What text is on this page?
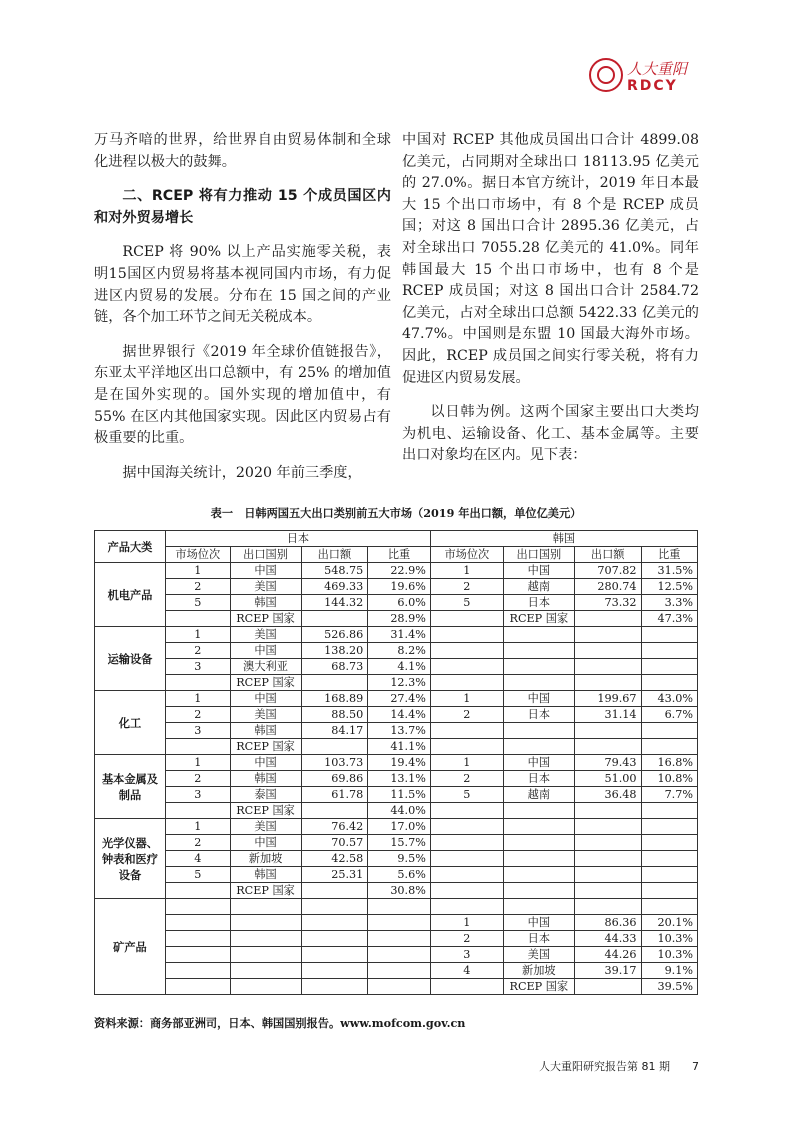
人大重阳
RDCY

万马齐喑的世界，给世界自由贸易体制和全球化进程以极大的鼓舞。

二、RCEP 将有力推动 15 个成员国区内和对外贸易增长

RCEP 将 90% 以上产品实施零关税，表明15国区内贸易将基本视同国内市场，有力促进区内贸易的发展。分布在 15 国之间的产业链，各个加工环节之间无关税成本。

据世界银行《2019 年全球价值链报告》，东亚太平洋地区出口总额中，有 25% 的增加值是在国外实现的。国外实现的增加值中，有 55% 在区内其他国家实现。因此区内贸易占有极重要的比重。

据中国海关统计，2020 年前三季度，

中国对 RCEP 其他成员国出口合计 4899.08 亿美元，占同期对全球出口 18113.95 亿美元的 27.0%。据日本官方统计，2019 年日本最大 15 个出口市场中，有 8 个是 RCEP 成员国；对这 8 国出口合计 2895.36 亿美元，占对全球出口 7055.28 亿美元的 41.0%。同年韩国最大 15 个出口市场中，也有 8 个是 RCEP 成员国；对这 8 国出口合计 2584.72 亿美元，占对全球出口总额 5422.33 亿美元的 47.7%。中国则是东盟 10 国最大海外市场。因此，RCEP 成员国之间实行零关税，将有力促进区内贸易发展。

以日韩为例。这两个国家主要出口大类均为机电、运输设备、化工、基本金属等。主要出口对象均在区内。见下表：

表一　日韩两国五大出口类别前五大市场（2019 年出口额，单位亿美元）
产品大类	日本				韩国			
	市场位次	出口国别	出口额	比重	市场位次	出口国别	出口额	比重
机电产品	1	中国	548.75	22.9%	1	中国	707.82	31.5%
	2	美国	469.33	19.6%	2	越南	280.74	12.5%
	5	韩国	144.32	6.0%	5	日本	73.32	3.3%
		RCEP 国家		28.9%		RCEP 国家		47.3%
运输设备	1	美国	526.86	31.4%				
	2	中国	138.20	8.2%				
	3	澳大利亚	68.73	4.1%				
		RCEP 国家		12.3%				
化工	1	中国	168.89	27.4%	1	中国	199.67	43.0%
	2	美国	88.50	14.4%	2	日本	31.14	6.7%
	3	韩国	84.17	13.7%				
		RCEP 国家		41.1%				
基本金属及制品	1	中国	103.73	19.4%	1	中国	79.43	16.8%
	2	韩国	69.86	13.1%	2	日本	51.00	10.8%
	3	泰国	61.78	11.5%	5	越南	36.48	7.7%
		RCEP 国家		44.0%				
光学仪器、钟表和医疗设备	1	美国	76.42	17.0%				
	2	中国	70.57	15.7%				
	4	新加坡	42.58	9.5%				
	5	韩国	25.31	5.6%				
		RCEP 国家		30.8%				
矿产品								
					1	中国	86.36	20.1%
					2	日本	44.33	10.3%
					3	美国	44.26	10.3%
					4	新加坡	39.17	9.1%
						RCEP 国家		39.5%
资料来源：商务部亚洲司，日本、韩国国别报告。www.mofcom.gov.cn
人大重阳研究报告第 81 期 7
